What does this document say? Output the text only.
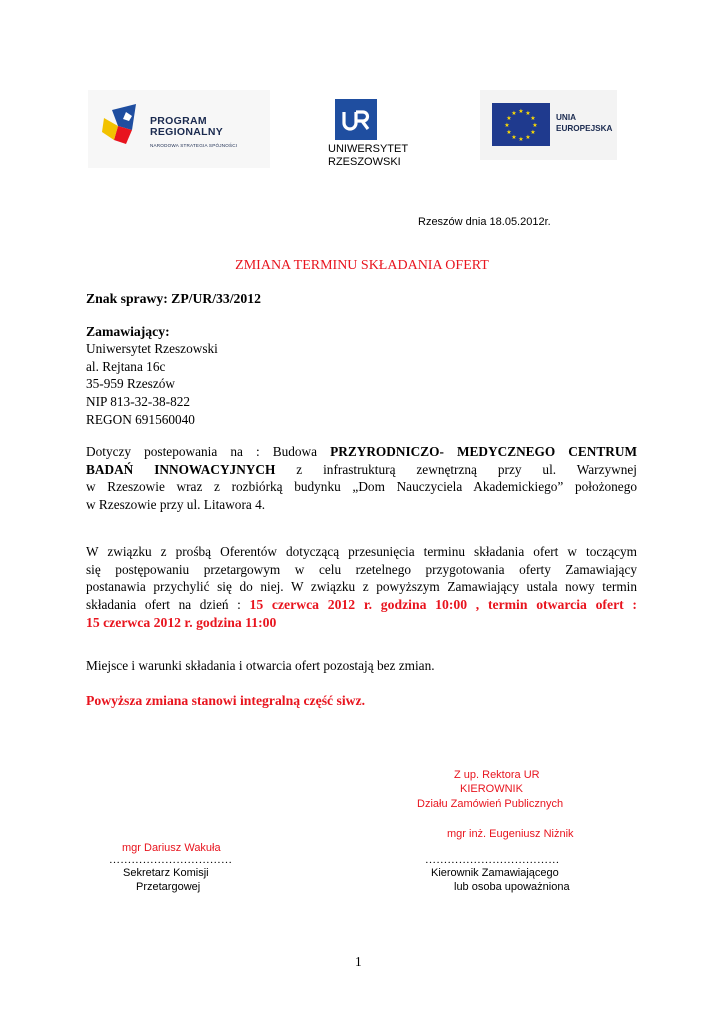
PROGRAM
REGIONALNY
NARODOWA STRATEGIA SPÓJNOŚCI	UNIWERSYTET
RZESZOWSKI
★ ★
★
★
★
★
★
★
★
★
★
★	UNIA
EUROPEJSKA
Rzeszów dnia 18.05.2012r.
ZMIANA TERMINU SKŁADANIA OFERT
Znak sprawy: ZP/UR/33/2012
Zamawiający:
Uniwersytet Rzeszowski
al. Rejtana 16c
35-959 Rzeszów
NIP 813-32-38-822
REGON 691560040
Dotyczy postepowania na : Budowa PRZYRODNICZO- MEDYCZNEGO CENTRUM
BADAŃ INNOWACYJNYCH z infrastrukturą zewnętrzną przy ul. Warzywnej
w Rzeszowie wraz z rozbiórką budynku „Dom Nauczyciela Akademickiego” położonego
w Rzeszowie przy ul. Litawora 4.
W związku z prośbą Oferentów dotyczącą przesunięcia terminu składania ofert w toczącym
się postępowaniu przetargowym w celu rzetelnego przygotowania oferty Zamawiający
postanawia przychylić się do niej. W związku z powyższym Zamawiający ustala nowy termin
składania ofert na dzień : 15 czerwca 2012 r. godzina 10:00 , termin otwarcia ofert :
15 czerwca 2012 r. godzina 11:00
Miejsce i warunki składania i otwarcia ofert pozostają bez zmian.
Powyższa zmiana stanowi integralną część siwz.
Z up. Rektora UR
KIEROWNIK
Działu Zamówień Publicznych
mgr inż. Eugeniusz Niżnik
mgr Dariusz Wakuła
……………………………	………………………………
Sekretarz Komisji
Przetargowej
Kierownik Zamawiającego
lub osoba upoważniona
1
